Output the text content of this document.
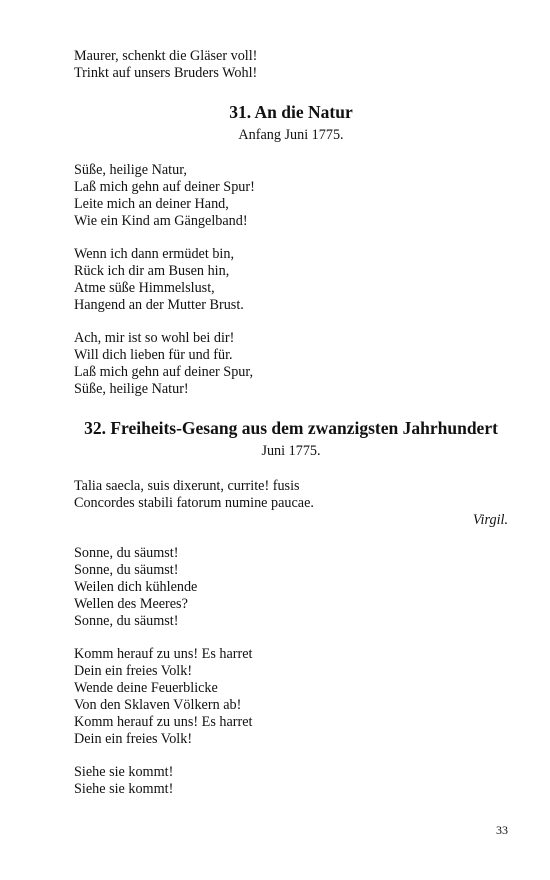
Maurer, schenkt die Gläser voll!
Trinkt auf unsers Bruders Wohl!
31. An die Natur
Anfang Juni 1775.
Süße, heilige Natur,
Laß mich gehn auf deiner Spur!
Leite mich an deiner Hand,
Wie ein Kind am Gängelband!
Wenn ich dann ermüdet bin,
Rück ich dir am Busen hin,
Atme süße Himmelslust,
Hangend an der Mutter Brust.
Ach, mir ist so wohl bei dir!
Will dich lieben für und für.
Laß mich gehn auf deiner Spur,
Süße, heilige Natur!
32. Freiheits-Gesang aus dem zwanzigsten Jahrhundert
Juni 1775.
Talia saecla, suis dixerunt, currite! fusis
Concordes stabili fatorum numine paucae.
Virgil.
Sonne, du säumst!
Sonne, du säumst!
Weilen dich kühlende
Wellen des Meeres?
Sonne, du säumst!
Komm herauf zu uns! Es harret
Dein ein freies Volk!
Wende deine Feuerblicke
Von den Sklaven Völkern ab!
Komm herauf zu uns! Es harret
Dein ein freies Volk!
Siehe sie kommt!
Siehe sie kommt!
33
